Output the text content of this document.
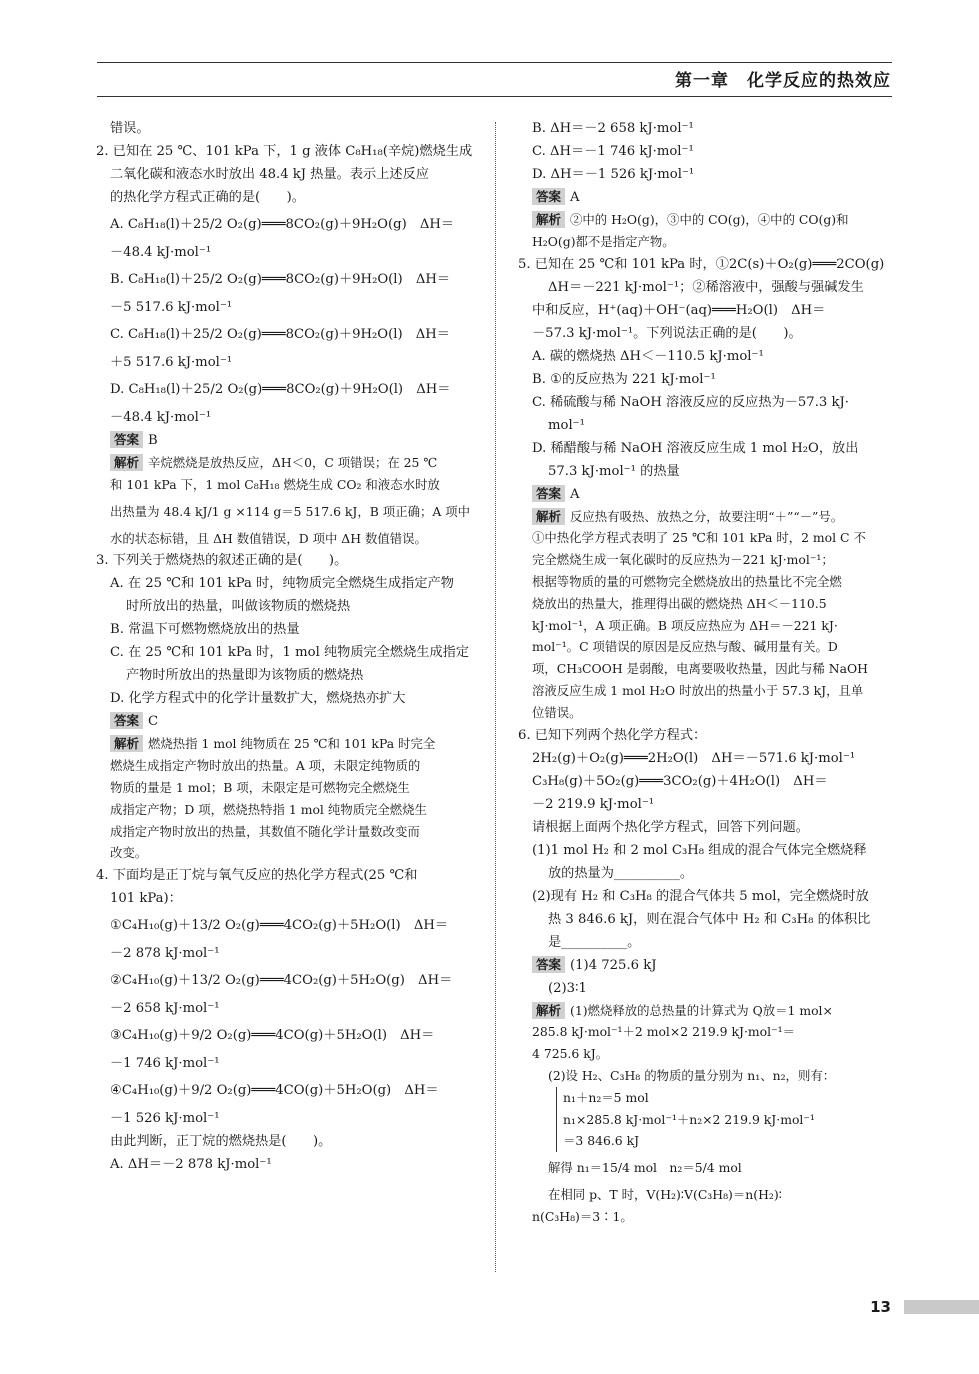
第一章　化学反应的热效应
错误。
2. 已知在 25 ℃、101 kPa 下，1 g 液体 C₈H₁₈(辛烷)燃烧生成
二氧化碳和液态水时放出 48.4 kJ 热量。表示上述反应
的热化学方程式正确的是(　　)。
A. C₈H₁₈(l)＋25/2 O₂(g)═══8CO₂(g)＋9H₂O(g)　ΔH＝
－48.4 kJ·mol⁻¹
B. C₈H₁₈(l)＋25/2 O₂(g)═══8CO₂(g)＋9H₂O(l)　ΔH＝
－5 517.6 kJ·mol⁻¹
C. C₈H₁₈(l)＋25/2 O₂(g)═══8CO₂(g)＋9H₂O(l)　ΔH＝
＋5 517.6 kJ·mol⁻¹
D. C₈H₁₈(l)＋25/2 O₂(g)═══8CO₂(g)＋9H₂O(l)　ΔH＝
－48.4 kJ·mol⁻¹
答案 B
解析 辛烷燃烧是放热反应，ΔH＜0，C 项错误；在 25 ℃
和 101 kPa 下，1 mol C₈H₁₈ 燃烧生成 CO₂ 和液态水时放
出热量为 48.4 kJ/1 g ×114 g＝5 517.6 kJ，B 项正确；A 项中
水的状态标错，且 ΔH 数值错误，D 项中 ΔH 数值错误。
3. 下列关于燃烧热的叙述正确的是(　　)。
A. 在 25 ℃和 101 kPa 时，纯物质完全燃烧生成指定产物
时所放出的热量，叫做该物质的燃烧热
B. 常温下可燃物燃烧放出的热量
C. 在 25 ℃和 101 kPa 时，1 mol 纯物质完全燃烧生成指定
产物时所放出的热量即为该物质的燃烧热
D. 化学方程式中的化学计量数扩大，燃烧热亦扩大
答案 C
解析 燃烧热指 1 mol 纯物质在 25 ℃和 101 kPa 时完全
燃烧生成指定产物时放出的热量。A 项，未限定纯物质的
物质的量是 1 mol；B 项，未限定是可燃物完全燃烧生
成指定产物；D 项，燃烧热特指 1 mol 纯物质完全燃烧生
成指定产物时放出的热量，其数值不随化学计量数改变而
改变。
4. 下面均是正丁烷与氧气反应的热化学方程式(25 ℃和
101 kPa)：
①C₄H₁₀(g)＋13/2 O₂(g)═══4CO₂(g)＋5H₂O(l)　ΔH＝
－2 878 kJ·mol⁻¹
②C₄H₁₀(g)＋13/2 O₂(g)═══4CO₂(g)＋5H₂O(g)　ΔH＝
－2 658 kJ·mol⁻¹
③C₄H₁₀(g)＋9/2 O₂(g)═══4CO(g)＋5H₂O(l)　ΔH＝
－1 746 kJ·mol⁻¹
④C₄H₁₀(g)＋9/2 O₂(g)═══4CO(g)＋5H₂O(g)　ΔH＝
－1 526 kJ·mol⁻¹
由此判断，正丁烷的燃烧热是(　　)。
A. ΔH＝－2 878 kJ·mol⁻¹
B. ΔH＝－2 658 kJ·mol⁻¹
C. ΔH＝－1 746 kJ·mol⁻¹
D. ΔH＝－1 526 kJ·mol⁻¹
答案 A
解析 ②中的 H₂O(g)，③中的 CO(g)，④中的 CO(g)和
H₂O(g)都不是指定产物。
5. 已知在 25 ℃和 101 kPa 时，①2C(s)＋O₂(g)═══2CO(g)
ΔH＝－221 kJ·mol⁻¹；②稀溶液中，强酸与强碱发生
中和反应，H⁺(aq)＋OH⁻(aq)═══H₂O(l)　ΔH＝
－57.3 kJ·mol⁻¹。下列说法正确的是(　　)。
A. 碳的燃烧热 ΔH＜－110.5 kJ·mol⁻¹
B. ①的反应热为 221 kJ·mol⁻¹
C. 稀硫酸与稀 NaOH 溶液反应的反应热为－57.3 kJ·
mol⁻¹
D. 稀醋酸与稀 NaOH 溶液反应生成 1 mol H₂O，放出
57.3 kJ·mol⁻¹ 的热量
答案 A
解析 反应热有吸热、放热之分，故要注明“＋”“－”号。
①中热化学方程式表明了 25 ℃和 101 kPa 时，2 mol C 不
完全燃烧生成一氧化碳时的反应热为－221 kJ·mol⁻¹；
根据等物质的量的可燃物完全燃烧放出的热量比不完全燃
烧放出的热量大，推理得出碳的燃烧热 ΔH＜－110.5
kJ·mol⁻¹，A 项正确。B 项反应热应为 ΔH＝－221 kJ·
mol⁻¹。C 项错误的原因是反应热与酸、碱用量有关。D
项，CH₃COOH 是弱酸，电离要吸收热量，因此与稀 NaOH
溶液反应生成 1 mol H₂O 时放出的热量小于 57.3 kJ，且单
位错误。
6. 已知下列两个热化学方程式：
2H₂(g)＋O₂(g)═══2H₂O(l)　ΔH＝－571.6 kJ·mol⁻¹
C₃H₈(g)＋5O₂(g)═══3CO₂(g)＋4H₂O(l)　ΔH＝
－2 219.9 kJ·mol⁻¹
请根据上面两个热化学方程式，回答下列问题。
(1)1 mol H₂ 和 2 mol C₃H₈ 组成的混合气体完全燃烧释
放的热量为__________。
(2)现有 H₂ 和 C₃H₈ 的混合气体共 5 mol，完全燃烧时放
热 3 846.6 kJ，则在混合气体中 H₂ 和 C₃H₈ 的体积比
是__________。
答案 (1)4 725.6 kJ
(2)3∶1
解析 (1)燃烧释放的总热量的计算式为 Q放＝1 mol×
285.8 kJ·mol⁻¹＋2 mol×2 219.9 kJ·mol⁻¹＝
4 725.6 kJ。
(2)设 H₂、C₃H₈ 的物质的量分别为 n₁、n₂，则有：
n₁＋n₂＝5 mol
n₁×285.8 kJ·mol⁻¹＋n₂×2 219.9 kJ·mol⁻¹
＝3 846.6 kJ
解得 n₁＝15/4 mol　n₂＝5/4 mol
在相同 p、T 时，V(H₂)∶V(C₃H₈)＝n(H₂)∶
n(C₃H₈)＝3∶1。
13
